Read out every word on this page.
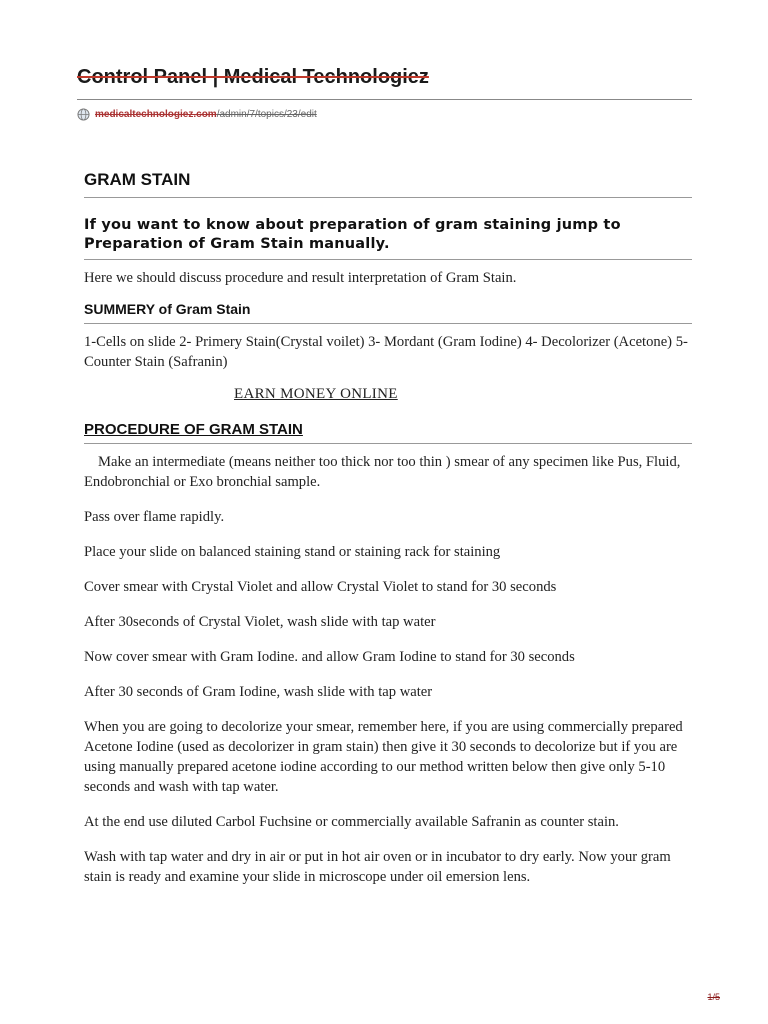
Control Panel | Medical Technologiez
medicaltechnologiez.com /admin/7/topics/23/edit
GRAM STAIN
If you want to know about preparation of gram staining jump to Preparation of Gram Stain manually.

Here we should discuss procedure and result interpretation of Gram Stain.

SUMMERY of Gram Stain

1-Cells on slide 2- Primery Stain(Crystal voilet) 3- Mordant (Gram Iodine) 4- Decolorizer (Acetone) 5- Counter Stain (Safranin)

EARN MONEY ONLINE
PROCEDURE OF GRAM STAIN

Make an intermediate (means neither too thick nor too thin ) smear of any specimen like Pus, Fluid, Endobronchial or Exo bronchial sample.

Pass over flame rapidly.

Place your slide on balanced staining stand or staining rack for staining

Cover smear with Crystal Violet and allow Crystal Violet to stand for 30 seconds

After 30seconds of Crystal Violet, wash slide with tap water

Now cover smear with Gram Iodine. and allow Gram Iodine to stand for 30 seconds

After 30 seconds of Gram Iodine, wash slide with tap water

When you are going to decolorize your smear, remember here, if you are using commercially prepared Acetone Iodine (used as decolorizer in gram stain) then give it 30 seconds to decolorize but if you are using manually prepared acetone iodine according to our method written below then give only 5-10 seconds and wash with tap water.

At the end use diluted Carbol Fuchsine or commercially available Safranin as counter stain.

Wash with tap water and dry in air or put in hot air oven or in incubator to dry early. Now your gram stain is ready and examine your slide in microscope under oil emersion lens.

1/5
